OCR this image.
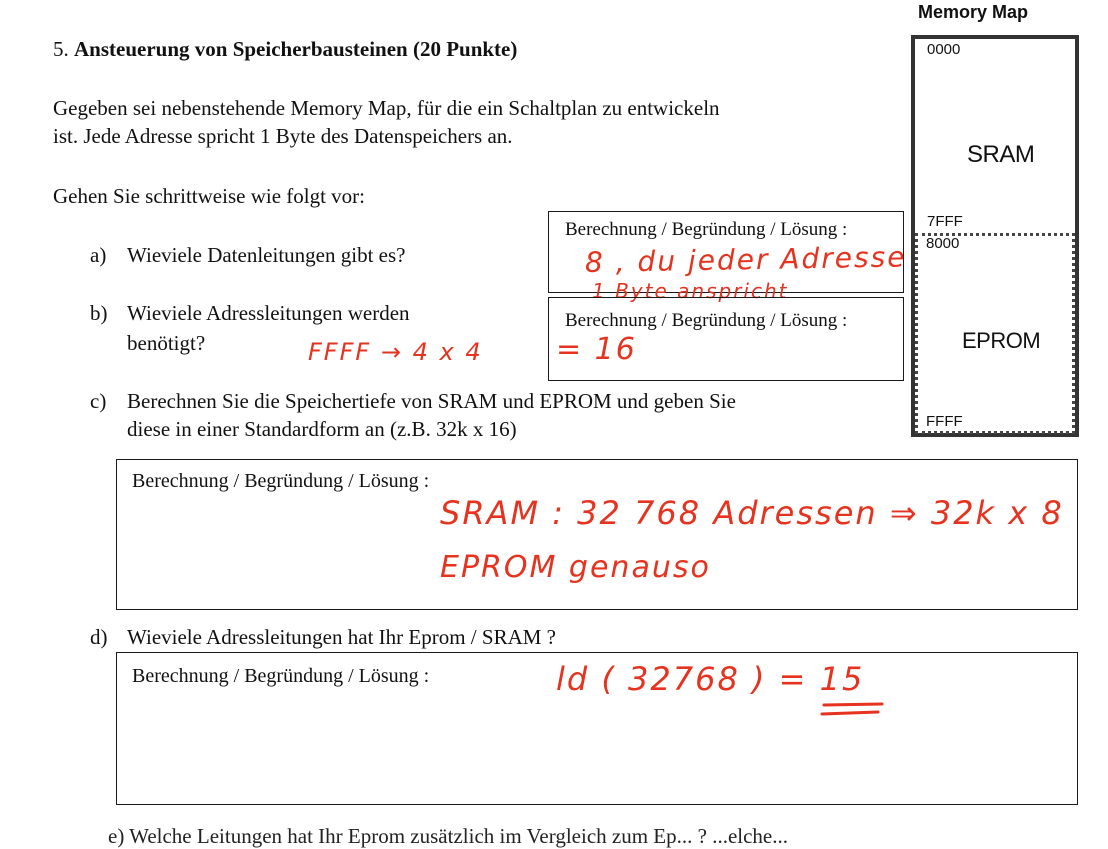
5. Ansteuerung von Speicherbausteinen (20 Punkte)
Gegeben sei nebenstehende Memory Map, für die ein Schaltplan zu entwickeln
ist. Jede Adresse spricht 1 Byte des Datenspeichers an.
Gehen Sie schrittweise wie folgt vor:
a) Wieviele Datenleitungen gibt es?
Berechnung / Begründung / Lösung :
8 , du jeder Adresse
1 Byte anspricht
b) Wieviele Adressleitungen werden
benötigt?	FFFF → 4 x 4
Berechnung / Begründung / Lösung :
= 16
c) Berechnen Sie die Speichertiefe von SRAM und EPROM und geben Sie
diese in einer Standardform an (z.B. 32k x 16)
Berechnung / Begründung / Lösung :
SRAM : 32 768 Adressen ⇒ 32k x 8
EPROM genauso
d) Wieviele Adressleitungen hat Ihr Eprom / SRAM ?
Berechnung / Begründung / Lösung :	ld ( 32768 ) = 15
e) Welche Leitungen hat Ihr Eprom zusätzlich im Vergleich zum Ep... ? ...elche...
Memory Map
0000
SRAM
7FFF
8000
EPROM
FFFF
